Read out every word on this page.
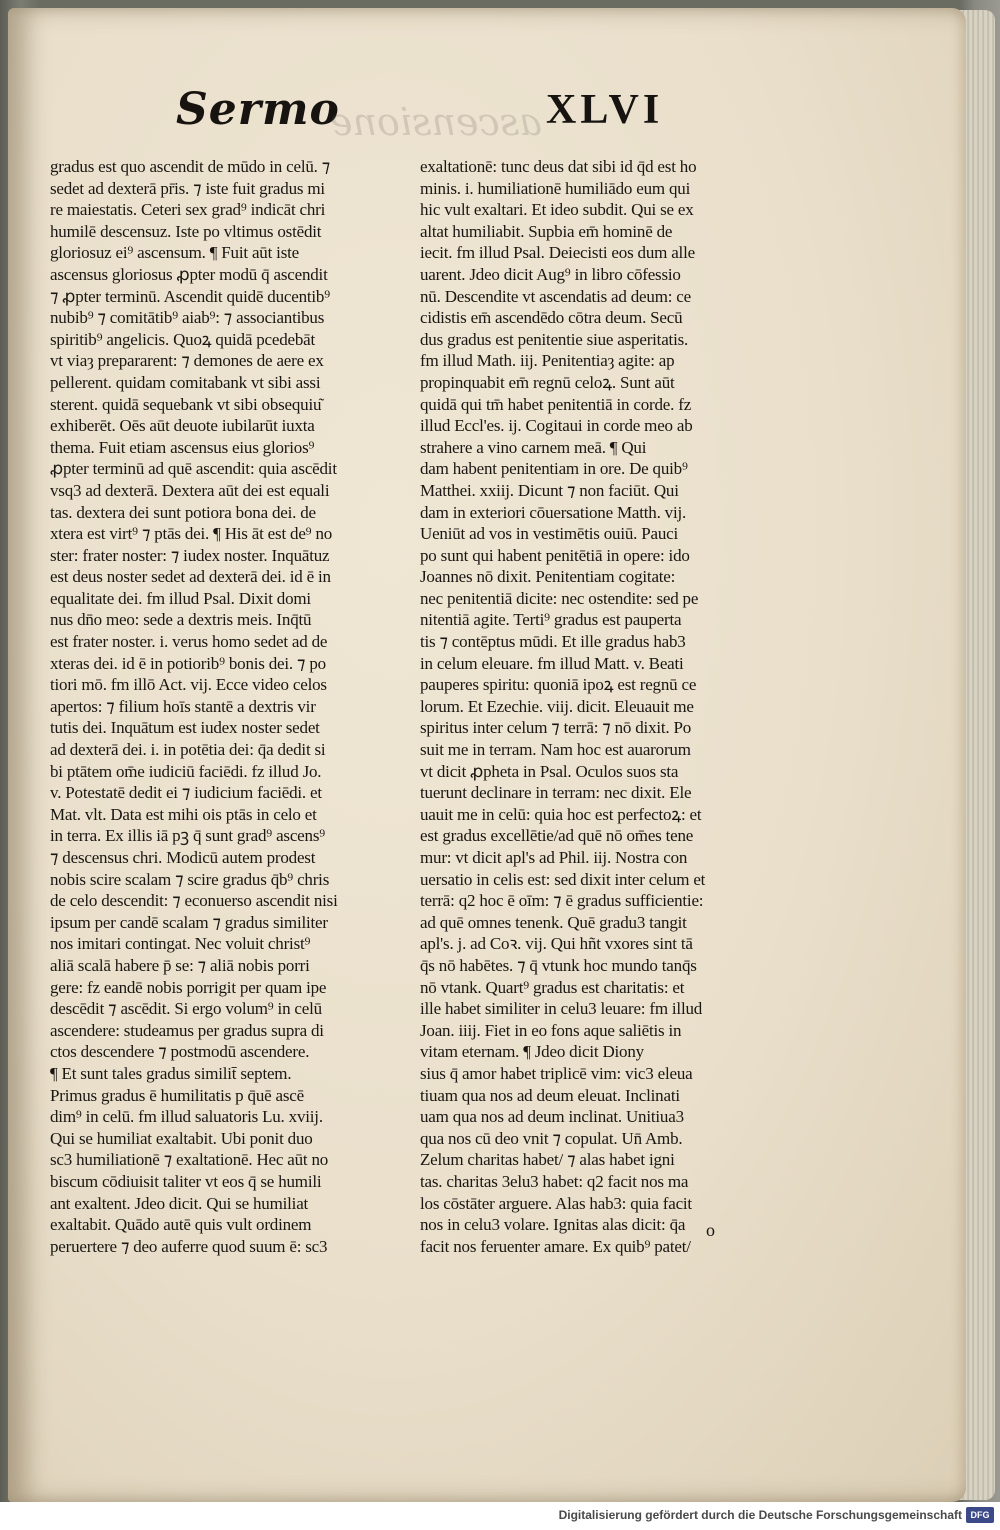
Sermo
ascensione XLVI
gradus est quo ascendit de mūdo in celū. ⁊
sedet ad dexterā pr̄is. ⁊ iste fuit gradus mi
re maiestatis. Ceteri sex grad⁹ indicāt chri
humilē descensuz. Iste po vltimus ostēdit
gloriosuz ei⁹ ascensum. ¶ Fuit aūt iste
ascensus gloriosus ꝓpter modū q̄ ascendit
⁊ ꝓpter terminū. Ascendit quidē ducentib⁹
nubib⁹ ⁊ comitātib⁹ aiab⁹: ⁊ associantibus
spiritib⁹ angelicis. Quoꝝ quidā pcedebāt
vt viaȝ prepararent: ⁊ demones de aere ex
pellerent. quidam comitabank vt sibi assi
sterent. quidā sequebank vt sibi obsequiu͂
exhiberēt. Oēs aūt deuote iubilarūt iuxta
thema. Fuit etiam ascensus eius glorios⁹
ꝓpter terminū ad quē ascendit: quia ascēdit
vsq3 ad dexterā. Dextera aūt dei est equali
tas. dextera dei sunt potiora bona dei. de
xtera est virt⁹ ⁊ ptās dei. ¶ His āt est de⁹ no
ster: frater noster: ⁊ iudex noster. Inquātuz
est deus noster sedet ad dexterā dei. id ē in
equalitate dei. fm illud Psal. Dixit domi
nus dn̄o meo: sede a dextris meis. Inq̄tū
est frater noster. i. verus homo sedet ad de
xteras dei. id ē in potiorib⁹ bonis dei. ⁊ po
tiori mō. fm illō Act. vij. Ecce video celos
apertos: ⁊ filium hoīs stantē a dextris vir
tutis dei. Inquātum est iudex noster sedet
ad dexterā dei. i. in potētia dei: q̄a dedit si
bi ptātem om̄e iudiciū faciēdi. fz illud Jo.
v. Potestatē dedit ei ⁊ iudicium faciēdi. et
Mat. vlt. Data est mihi ois ptās in celo et
in terra. Ex illis iā pꝫ q̄ sunt grad⁹ ascens⁹
⁊ descensus chri. Modicū autem prodest
nobis scire scalam ⁊ scire gradus q̄b⁹ chris
de celo descendit: ⁊ econuerso ascendit nisi
ipsum per candē scalam ⁊ gradus similiter
nos imitari contingat. Nec voluit christ⁹
aliā scalā habere p̄ se: ⁊ aliā nobis porri
gere: fz eandē nobis porrigit per quam ipe
descēdit ⁊ ascēdit. Si ergo volum⁹ in celū
ascendere: studeamus per gradus supra di
ctos descendere ⁊ postmodū ascendere.
¶ Et sunt tales gradus similit̄ septem.
Primus gradus ē humilitatis p q̄uē ascē
dim⁹ in celū. fm illud saluatoris Lu. xviij.
Qui se humiliat exaltabit. Ubi ponit duo
sc3 humiliationē ⁊ exaltationē. Hec aūt no
biscum cōdiuisit taliter vt eos q̄ se humili
ant exaltent. Jdeo dicit. Qui se humiliat
exaltabit. Quādo autē quis vult ordinem
peruertere ⁊ deo auferre quod suum ē: sc3
exaltationē: tunc deus dat sibi id q̄d est ho
minis. i. humiliationē humiliādo eum qui
hic vult exaltari. Et ideo subdit. Qui se ex
altat humiliabit. Supbia em̄ hominē de
iecit. fm illud Psal. Deiecisti eos dum alle
uarent. Jdeo dicit Aug⁹ in libro cōfessio
nū. Descendite vt ascendatis ad deum: ce
cidistis em̄ ascendēdo cōtra deum. Secū
dus gradus est penitentie siue asperitatis.
fm illud Math. iij. Penitentiaȝ agite: ap
propinquabit em̄ regnū celoꝝ. Sunt aūt
quidā qui tm̄ habet penitentiā in corde. fz
illud Eccl'es. ij. Cogitaui in corde meo ab
strahere a vino carnem meā. ¶ Qui
dam habent penitentiam in ore. De quib⁹
Matthei. xxiij. Dicunt ⁊ non faciūt. Qui
dam in exteriori cōuersatione Matth. vij.
Ueniūt ad vos in vestimētis ouiū. Pauci
po sunt qui habent penitētiā in opere: ido
Joannes nō dixit. Penitentiam cogitate:
nec penitentiā dicite: nec ostendite: sed pe
nitentiā agite. Terti⁹ gradus est pauperta
tis ⁊ contēptus mūdi. Et ille gradus hab3
in celum eleuare. fm illud Matt. v. Beati
pauperes spiritu: quoniā ipoꝝ est regnū ce
lorum. Et Ezechie. viij. dicit. Eleuauit me
spiritus inter celum ⁊ terrā: ⁊ nō dixit. Po
suit me in terram. Nam hoc est auarorum
vt dicit ꝓpheta in Psal. Oculos suos sta
tuerunt declinare in terram: nec dixit. Ele
uauit me in celū: quia hoc est perfectoꝝ: et
est gradus excellētie/ad quē nō om̄es tene
mur: vt dicit apl's ad Phil. iij. Nostra con
uersatio in celis est: sed dixit inter celum et
terrā: q2 hoc ē oīm: ⁊ ē gradus sufficientie:
ad quē omnes tenenk. Quē gradu3 tangit
apl's. j. ad Coꝛ. vij. Qui hñt vxores sint tā
q̄s nō habētes. ⁊ q̄ vtunk hoc mundo tanq̄s
nō vtank. Quart⁹ gradus est charitatis: et
ille habet similiter in celu3 leuare: fm illud
Joan. iiij. Fiet in eo fons aque saliētis in
vitam eternam. ¶ Jdeo dicit Diony
sius q̄ amor habet triplicē vim: vic3 eleua
tiuam qua nos ad deum eleuat. Inclinati
uam qua nos ad deum inclinat. Unitiua3
qua nos cū deo vnit ⁊ copulat. Un̄ Amb.
Zelum charitas habet/ ⁊ alas habet igni
tas. charitas 3elu3 habet: q2 facit nos ma
los cōstāter arguere. Alas hab3: quia facit
nos in celu3 volare. Ignitas alas dicit: q̄a
facit nos feruenter amare. Ex quib⁹ patet/
o
Digitalisierung gefördert durch die Deutsche Forschungsgemeinschaft DFG
